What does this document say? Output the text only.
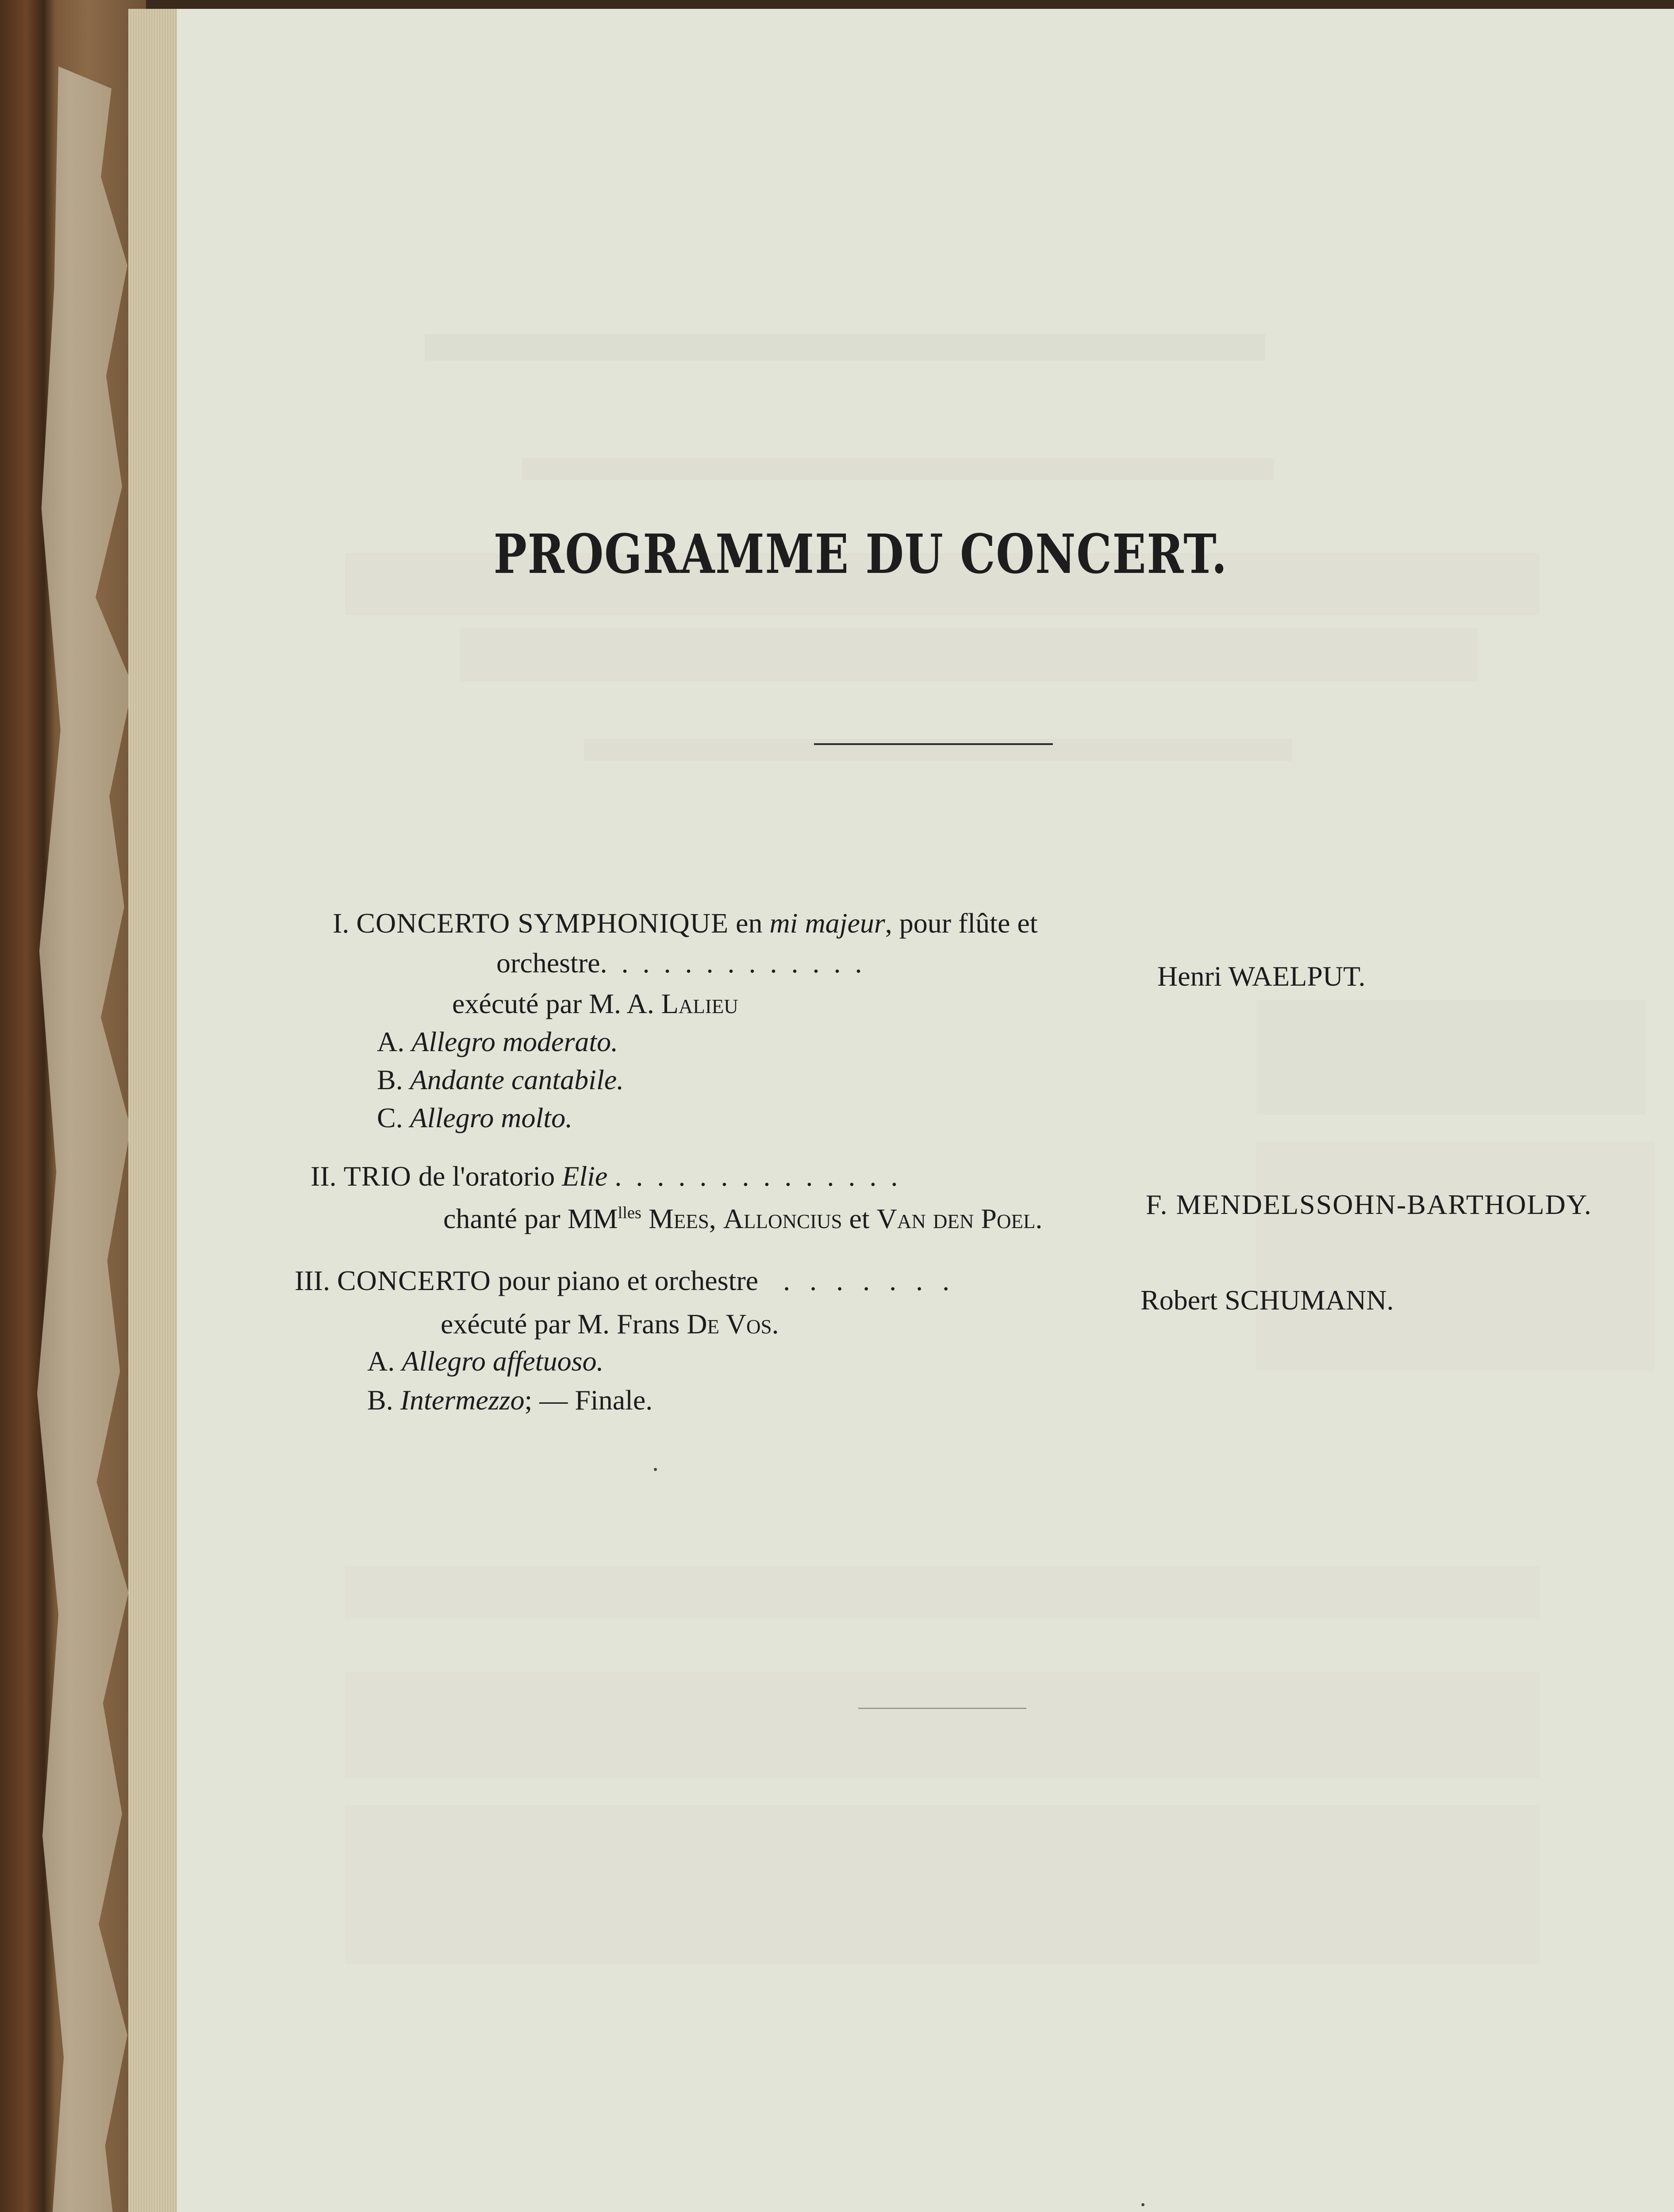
PROGRAMME DU CONCERT.
I. CONCERTO SYMPHONIQUE en mi majeur, pour flûte et
orchestre. . . . . . . . . . . . .	Henri WAELPUT.
exécuté par M. A. Lalieu
A. Allegro moderato.
B. Andante cantabile.
C. Allegro molto.
II. TRIO de l'oratorio Elie . . . . . . . . . . . . . .
F. MENDELSSOHN-BARTHOLDY.
chanté par $MM^{lles}$ Mees, Alloncius et Van den Poel.
III. CONCERTO pour piano et orchestre . . . . . . .
Robert SCHUMANN.
exécuté par M. Frans De Vos.
A. Allegro affetuoso.
B. Intermezzo; — Finale.
